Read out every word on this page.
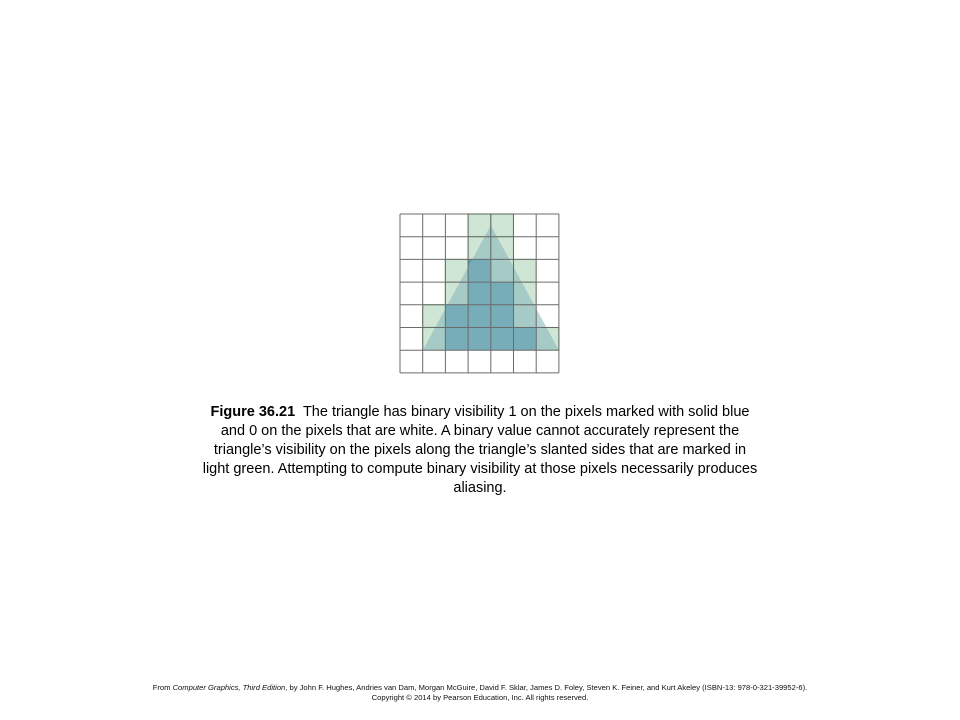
Figure 36.21 The triangle has binary visibility 1 on the pixels marked with solid blue and 0 on the pixels that are white. A binary value cannot accurately represent the triangle’s visibility on the pixels along the triangle’s slanted sides that are marked in light green. Attempting to compute binary visibility at those pixels necessarily produces aliasing.
From Computer Graphics, Third Edition, by John F. Hughes, Andries van Dam, Morgan McGuire, David F. Sklar, James D. Foley, Steven K. Feiner, and Kurt Akeley (ISBN-13: 978-0-321-39952-6).
Copyright © 2014 by Pearson Education, Inc. All rights reserved.
